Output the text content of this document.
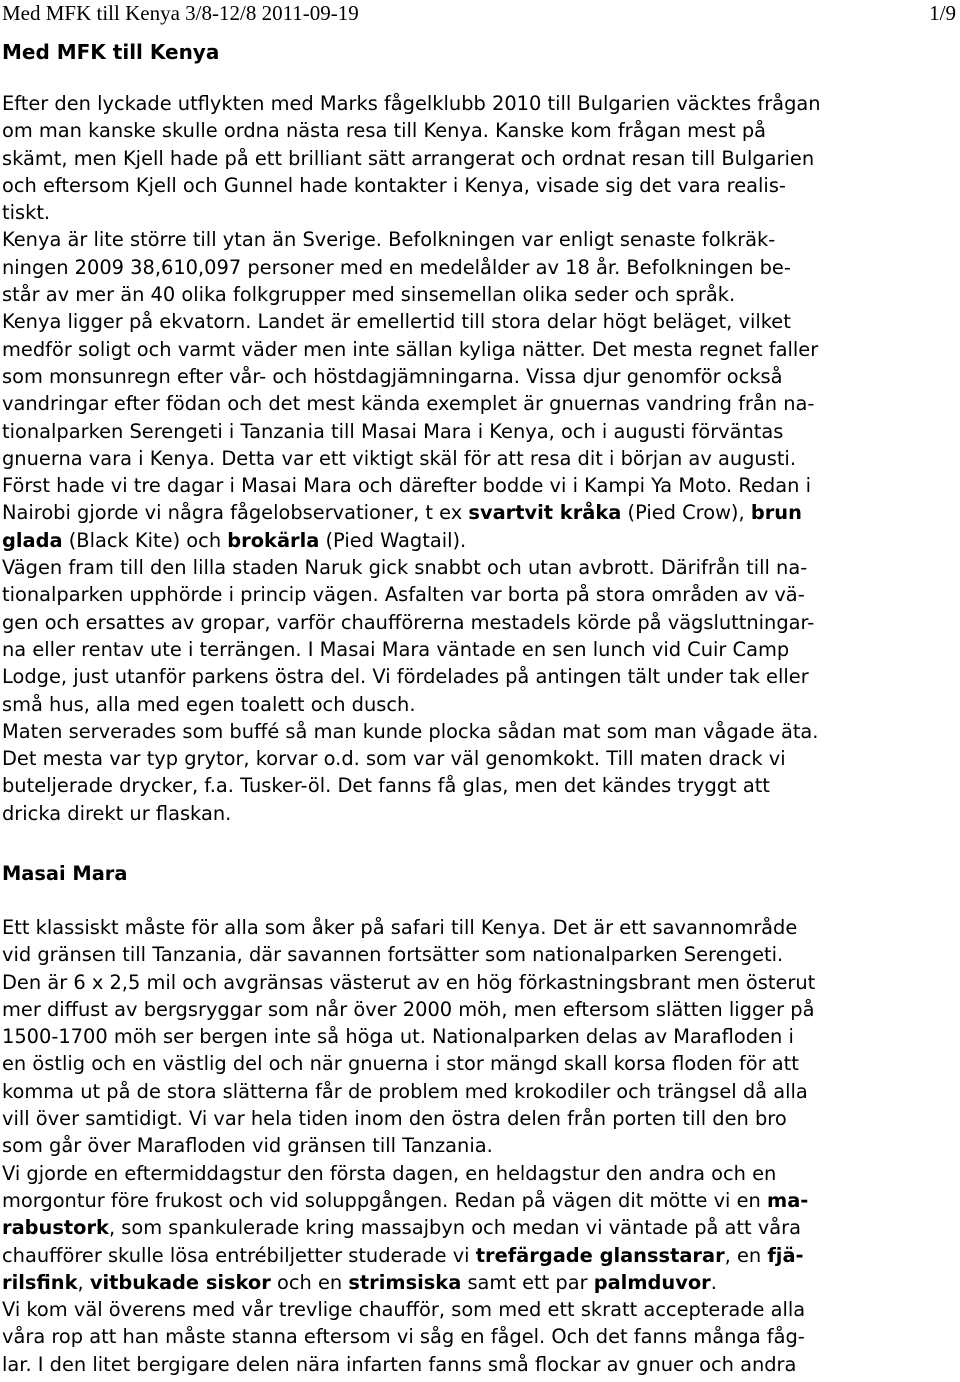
Med MFK till Kenya 3/8-12/8 2011-09-19	1/9
Med MFK till Kenya
Efter den lyckade utflykten med Marks fågelklubb 2010 till Bulgarien väcktes frågan
om man kanske skulle ordna nästa resa till Kenya. Kanske kom frågan mest på
skämt, men Kjell hade på ett brilliant sätt arrangerat och ordnat resan till Bulgarien
och eftersom Kjell och Gunnel hade kontakter i Kenya, visade sig det vara realis-
tiskt.
Kenya är lite större till ytan än Sverige. Befolkningen var enligt senaste folkräk-
ningen 2009 38,610,097 personer med en medelålder av 18 år. Befolkningen be-
står av mer än 40 olika folkgrupper med sinsemellan olika seder och språk.
Kenya ligger på ekvatorn. Landet är emellertid till stora delar högt beläget, vilket
medför soligt och varmt väder men inte sällan kyliga nätter. Det mesta regnet faller
som monsunregn efter vår- och höstdagjämningarna. Vissa djur genomför också
vandringar efter födan och det mest kända exemplet är gnuernas vandring från na-
tionalparken Serengeti i Tanzania till Masai Mara i Kenya, och i augusti förväntas
gnuerna vara i Kenya. Detta var ett viktigt skäl för att resa dit i början av augusti.
Först hade vi tre dagar i Masai Mara och därefter bodde vi i Kampi Ya Moto. Redan i
Nairobi gjorde vi några fågelobservationer, t ex svartvit kråka (Pied Crow), brun
glada (Black Kite) och brokärla (Pied Wagtail).
Vägen fram till den lilla staden Naruk gick snabbt och utan avbrott. Därifrån till na-
tionalparken upphörde i princip vägen. Asfalten var borta på stora områden av vä-
gen och ersattes av gropar, varför chaufförerna mestadels körde på vägsluttningar-
na eller rentav ute i terrängen. I Masai Mara väntade en sen lunch vid Cuir Camp
Lodge, just utanför parkens östra del. Vi fördelades på antingen tält under tak eller
små hus, alla med egen toalett och dusch.
Maten serverades som buffé så man kunde plocka sådan mat som man vågade äta.
Det mesta var typ grytor, korvar o.d. som var väl genomkokt. Till maten drack vi
buteljerade drycker, f.a. Tusker-öl. Det fanns få glas, men det kändes tryggt att
dricka direkt ur flaskan.
Masai Mara
Ett klassiskt måste för alla som åker på safari till Kenya. Det är ett savannområde
vid gränsen till Tanzania, där savannen fortsätter som nationalparken Serengeti.
Den är 6 x 2,5 mil och avgränsas västerut av en hög förkastningsbrant men österut
mer diffust av bergsryggar som når över 2000 möh, men eftersom slätten ligger på
1500-1700 möh ser bergen inte så höga ut. Nationalparken delas av Marafloden i
en östlig och en västlig del och när gnuerna i stor mängd skall korsa floden för att
komma ut på de stora slätterna får de problem med krokodiler och trängsel då alla
vill över samtidigt. Vi var hela tiden inom den östra delen från porten till den bro
som går över Marafloden vid gränsen till Tanzania.
Vi gjorde en eftermiddagstur den första dagen, en heldagstur den andra och en
morgontur före frukost och vid soluppgången. Redan på vägen dit mötte vi en ma-
rabustork, som spankulerade kring massajbyn och medan vi väntade på att våra
chaufförer skulle lösa entrébiljetter studerade vi trefärgade glansstarar, en fjä-
rilsfink, vitbukade siskor och en strimsiska samt ett par palmduvor.
Vi kom väl överens med vår trevlige chaufför, som med ett skratt accepterade alla
våra rop att han måste stanna eftersom vi såg en fågel. Och det fanns många fåg-
lar. I den litet bergigare delen nära infarten fanns små flockar av gnuer och andra
